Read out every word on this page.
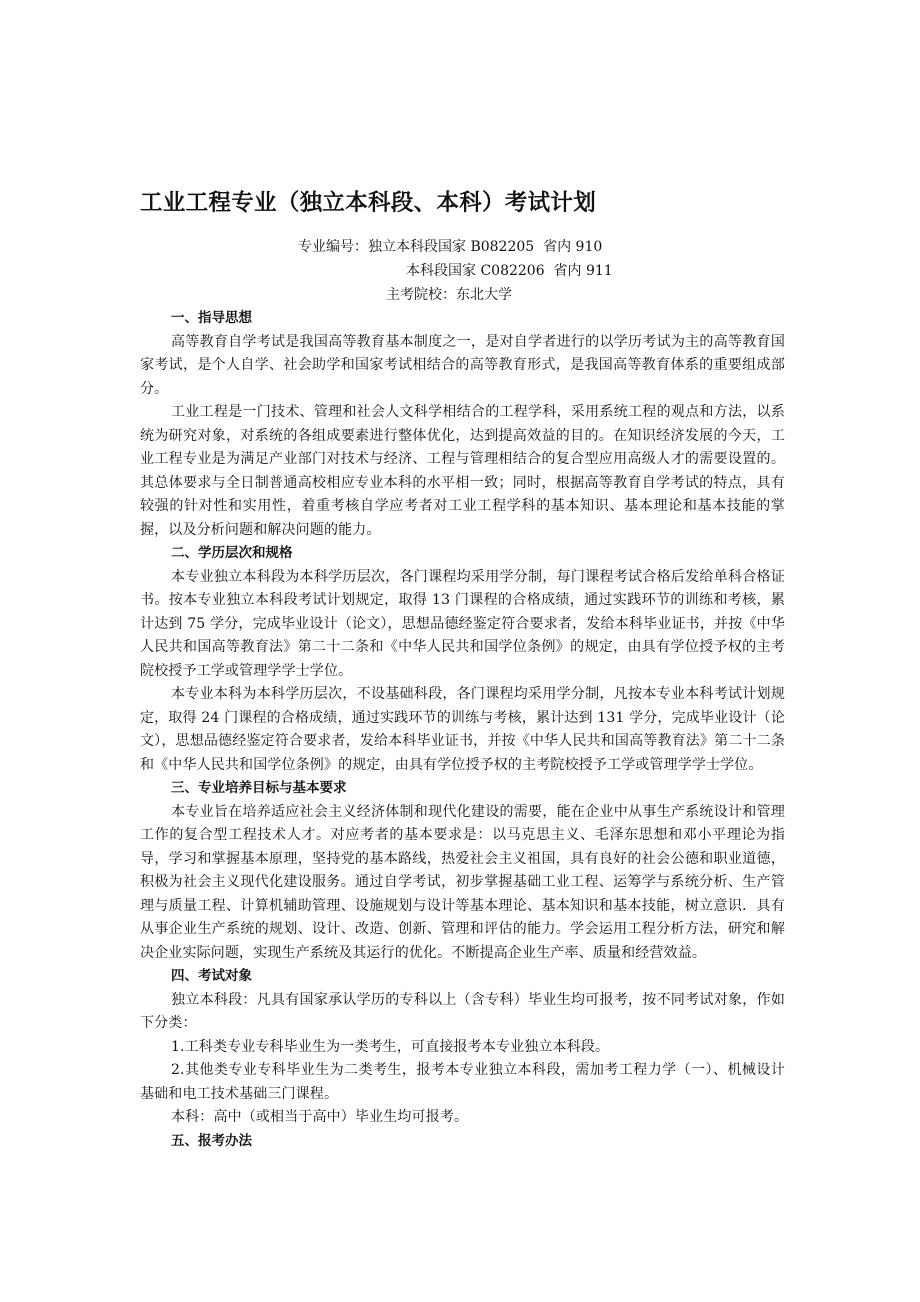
工业工程专业（独立本科段、本科）考试计划
专业编号：独立本科段国家 B082205  省内 910
本科段国家 C082206  省内 911
主考院校：东北大学
一、指导思想

高等教育自学考试是我国高等教育基本制度之一，是对自学者进行的以学历考试为主的高等教育国家考试，是个人自学、社会助学和国家考试相结合的高等教育形式，是我国高等教育体系的重要组成部分。

工业工程是一门技术、管理和社会人文科学相结合的工程学科，采用系统工程的观点和方法，以系统为研究对象，对系统的各组成要素进行整体优化，达到提高效益的目的。在知识经济发展的今天，工业工程专业是为满足产业部门对技术与经济、工程与管理相结合的复合型应用高级人才的需要设置的。其总体要求与全日制普通高校相应专业本科的水平相一致；同时，根据高等教育自学考试的特点，具有较强的针对性和实用性，着重考核自学应考者对工业工程学科的基本知识、基本理论和基本技能的掌握，以及分析问题和解决问题的能力。

二、学历层次和规格

本专业独立本科段为本科学历层次，各门课程均采用学分制，每门课程考试合格后发给单科合格证书。按本专业独立本科段考试计划规定，取得 13 门课程的合格成绩，通过实践环节的训练和考核，累计达到 75 学分，完成毕业设计（论文），思想品德经鉴定符合要求者，发给本科毕业证书，并按《中华人民共和国高等教育法》第二十二条和《中华人民共和国学位条例》的规定，由具有学位授予权的主考院校授予工学或管理学学士学位。

本专业本科为本科学历层次，不设基础科段，各门课程均采用学分制，凡按本专业本科考试计划规定，取得 24 门课程的合格成绩，通过实践环节的训练与考核，累计达到 131 学分，完成毕业设计（论文），思想品德经鉴定符合要求者，发给本科毕业证书，并按《中华人民共和国高等教育法》第二十二条和《中华人民共和国学位条例》的规定，由具有学位授予权的主考院校授予工学或管理学学士学位。

三、专业培养目标与基本要求

本专业旨在培养适应社会主义经济体制和现代化建设的需要，能在企业中从事生产系统设计和管理工作的复合型工程技术人才。对应考者的基本要求是：以马克思主义、毛泽东思想和邓小平理论为指导，学习和掌握基本原理，坚持党的基本路线，热爱社会主义祖国，具有良好的社会公德和职业道德，积极为社会主义现代化建设服务。通过自学考试，初步掌握基础工业工程、运筹学与系统分析、生产管理与质量工程、计算机辅助管理、设施规划与设计等基本理论、基本知识和基本技能，树立意识．具有从事企业生产系统的规划、设计、改造、创新、管理和评估的能力。学会运用工程分析方法，研究和解决企业实际问题，实现生产系统及其运行的优化。不断提高企业生产率、质量和经营效益。

四、考试对象

独立本科段：凡具有国家承认学历的专科以上（含专科）毕业生均可报考，按不同考试对象，作如下分类：

1.工科类专业专科毕业生为一类考生，可直接报考本专业独立本科段。

2.其他类专业专科毕业生为二类考生，报考本专业独立本科段，需加考工程力学（一）、机械设计基础和电工技术基础三门课程。

本科：高中（或相当于高中）毕业生均可报考。

五、报考办法
